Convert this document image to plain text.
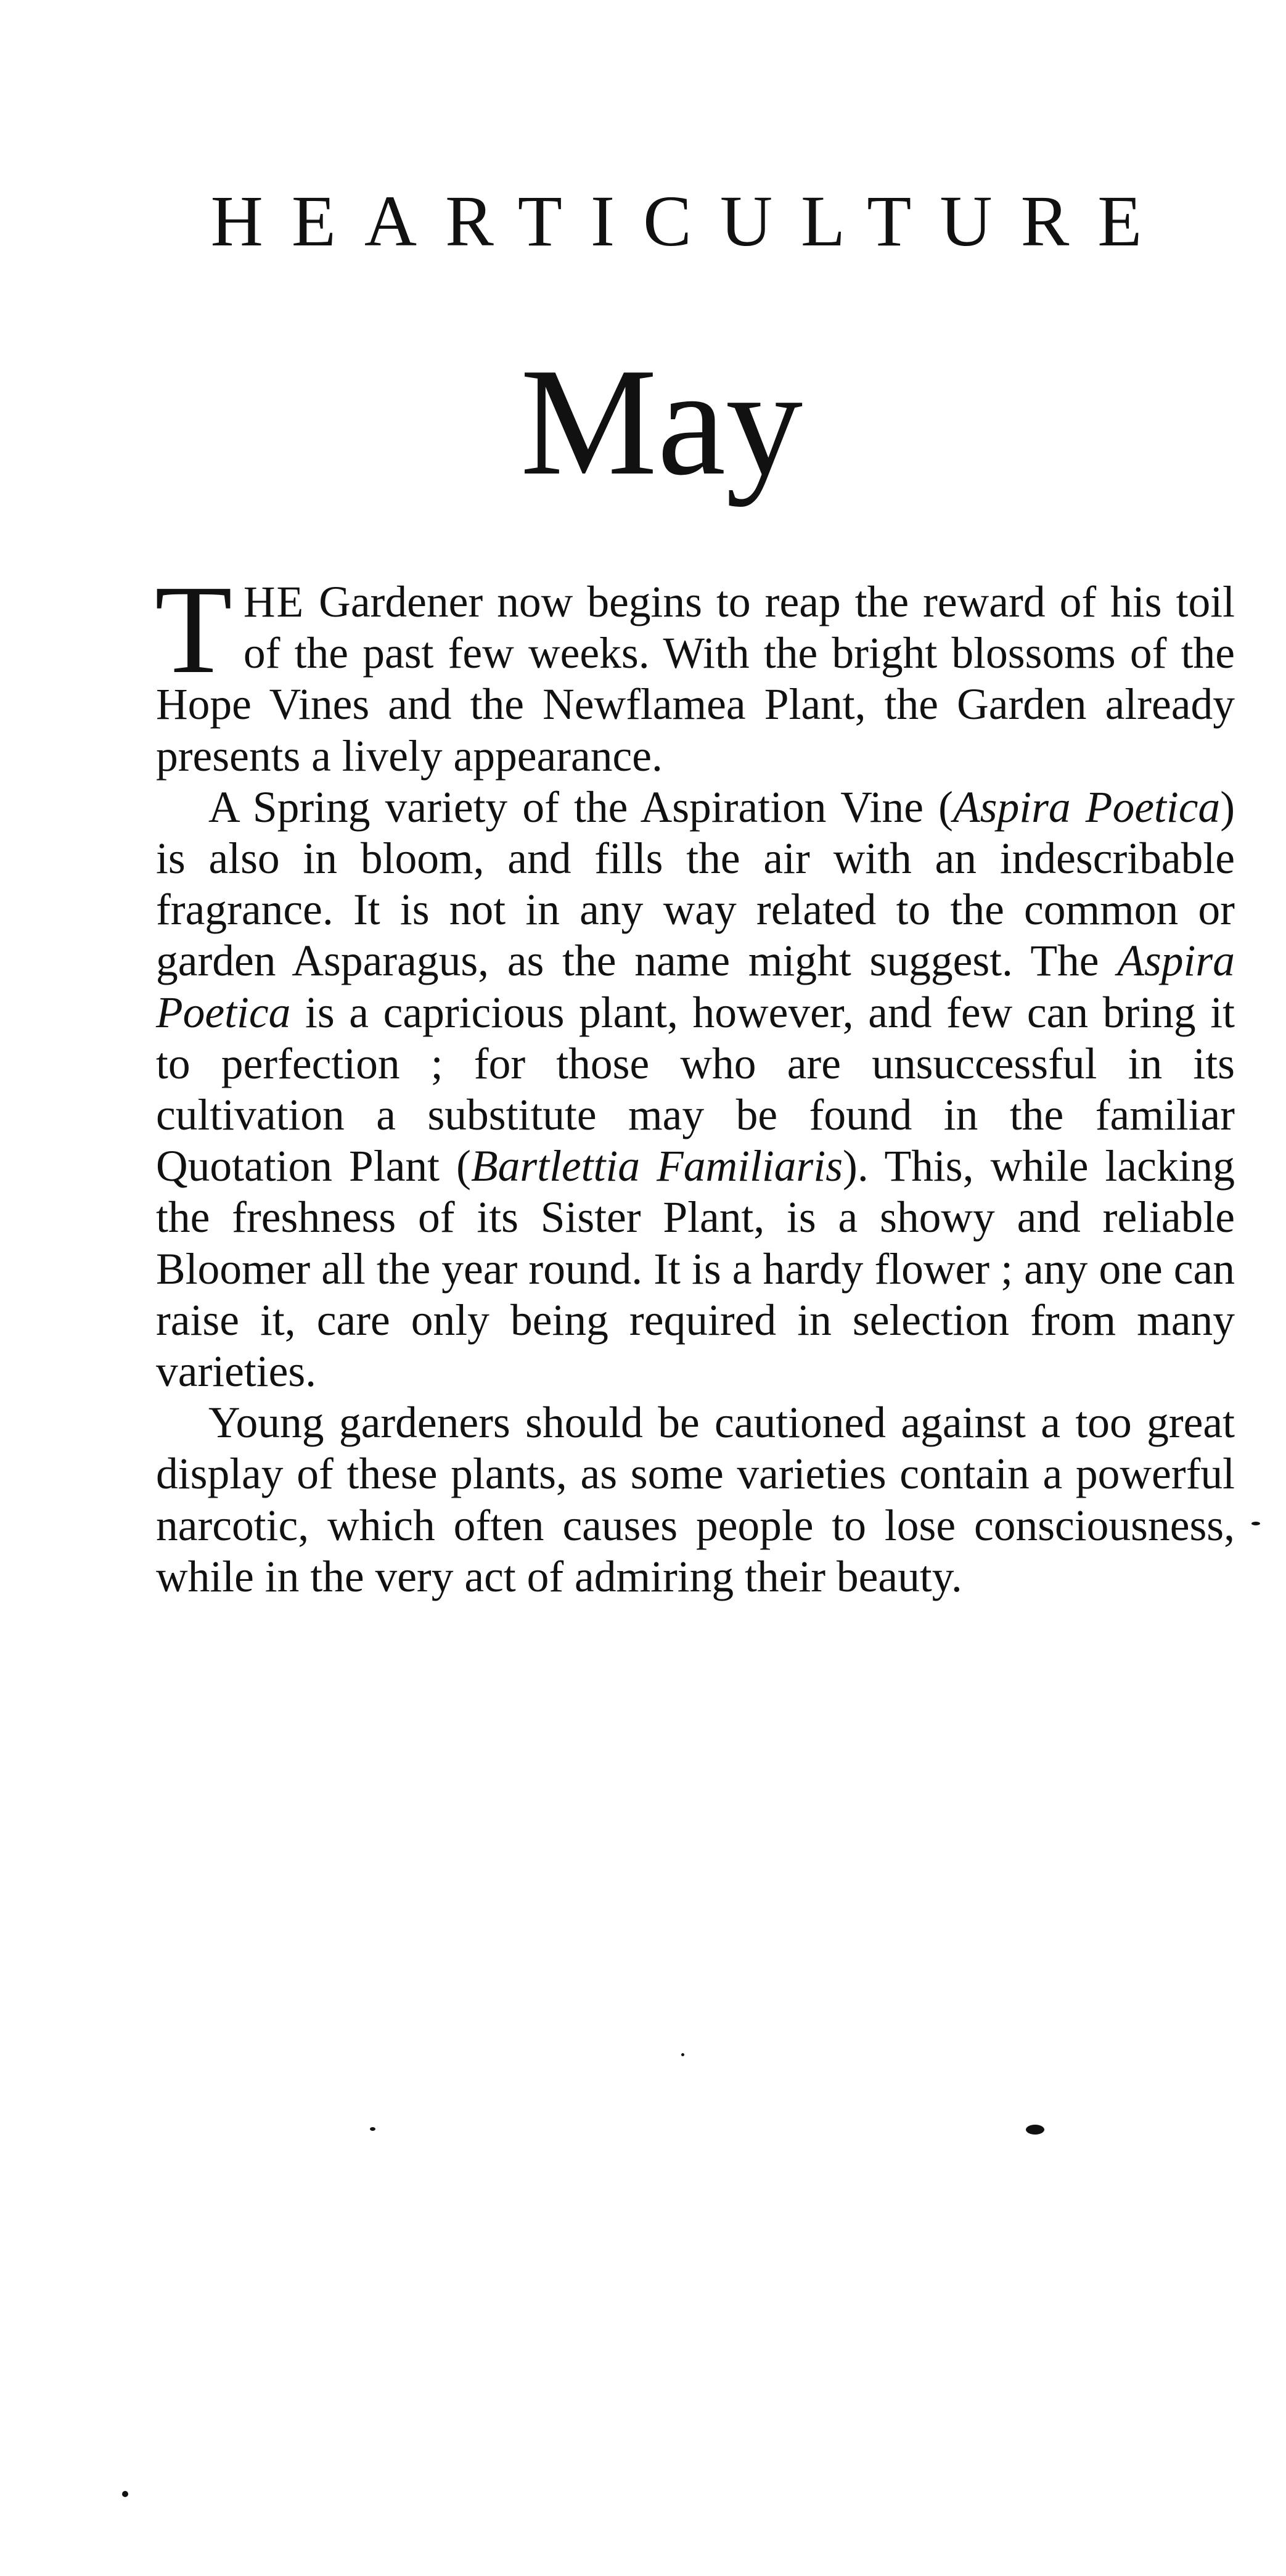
HEARTICULTURE
May

THE Gardener now begins to reap the reward of his toil of the past few weeks. With the bright blossoms of the Hope Vines and the Newflamea Plant, the Garden already presents a lively appearance.

A Spring variety of the Aspiration Vine (Aspira Poetica) is also in bloom, and fills the air with an indescribable fragrance. It is not in any way related to the common or garden Asparagus, as the name might suggest. The Aspira Poetica is a capricious plant, however, and few can bring it to perfection ; for those who are unsuccessful in its cultivation a substitute may be found in the familiar Quotation Plant (Bartlettia Familiaris). This, while lacking the freshness of its Sister Plant, is a showy and reliable Bloomer all the year round. It is a hardy flower ; any one can raise it, care only being required in selection from many varieties.

Young gardeners should be cautioned against a too great display of these plants, as some varieties contain a powerful narcotic, which often causes people to lose consciousness, while in the very act of admiring their beauty.
